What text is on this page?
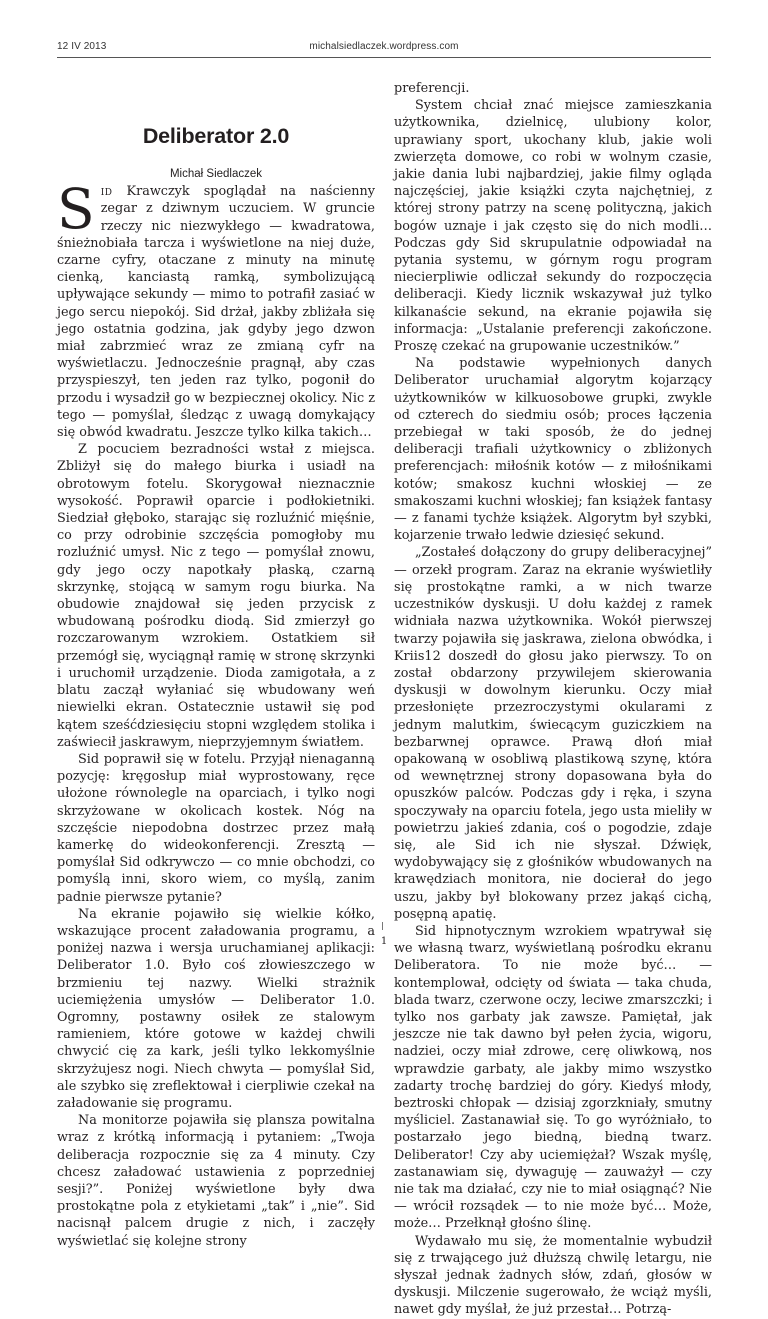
12 IV 2013	michalsiedlaczek.wordpress.com
Deliberator 2.0
Michał Siedlaczek

Sid Krawczyk spoglądał na naścienny zegar z dziwnym uczuciem. W gruncie rzeczy nic niezwykłego — kwadratowa, śnieżnobiała tarcza i wyświetlone na niej duże, czarne cyfry, otaczane z minuty na minutę cienką, kanciastą ramką, symbolizującą upływające sekundy — mimo to potrafił zasiać w jego sercu niepokój. Sid drżał, jakby zbliżała się jego ostatnia godzina, jak gdyby jego dzwon miał zabrzmieć wraz ze zmianą cyfr na wyświetlaczu. Jednocześnie pragnął, aby czas przyspieszył, ten jeden raz tylko, pogonił do przodu i wysadził go w bezpiecznej okolicy. Nic z tego — pomyślał, śledząc z uwagą domykający się obwód kwadratu. Jeszcze tylko kilka takich…

Z pocuciem bezradności wstał z miejsca. Zbliżył się do małego biurka i usiadł na obrotowym fotelu. Skorygował nieznacznie wysokość. Poprawił oparcie i podłokietniki. Siedział głęboko, starając się rozluźnić mięśnie, co przy odrobinie szczęścia pomogłoby mu rozluźnić umysł. Nic z tego — pomyślał znowu, gdy jego oczy napotkały płaską, czarną skrzynkę, stojącą w samym rogu biurka. Na obudowie znajdował się jeden przycisk z wbudowaną pośrodku diodą. Sid zmierzył go rozczarowanym wzrokiem. Ostatkiem sił przemógł się, wyciągnął ramię w stronę skrzynki i uruchomił urządzenie. Dioda zamigotała, a z blatu zaczął wyłaniać się wbudowany weń niewielki ekran. Ostatecznie ustawił się pod kątem sześćdziesięciu stopni względem stolika i zaświecił jaskrawym, nieprzyjemnym światłem.

Sid poprawił się w fotelu. Przyjął nienaganną pozycję: kręgosłup miał wyprostowany, ręce ułożone równolegle na oparciach, i tylko nogi skrzyżowane w okolicach kostek. Nóg na szczęście niepodobna dostrzec przez małą kamerkę do wideokonferencji. Zresztą — pomyślał Sid odkrywczo — co mnie obchodzi, co pomyślą inni, skoro wiem, co myślą, zanim padnie pierwsze pytanie?

Na ekranie pojawiło się wielkie kółko, wskazujące procent załadowania programu, a poniżej nazwa i wersja uruchamianej aplikacji: Deliberator 1.0. Było coś złowieszczego w brzmieniu tej nazwy. Wielki strażnik uciemiężenia umysłów — Deliberator 1.0. Ogromny, postawny osiłek ze stalowym ramieniem, które gotowe w każdej chwili chwycić cię za kark, jeśli tylko lekkomyślnie skrzyżujesz nogi. Niech chwyta — pomyślał Sid, ale szybko się zreflektował i cierpliwie czekał na załadowanie się programu.

Na monitorze pojawiła się plansza powitalna wraz z krótką informacją i pytaniem: „Twoja deliberacja rozpocznie się za 4 minuty. Czy chcesz załadować ustawienia z poprzedniej sesji?”. Poniżej wyświetlone były dwa prostokątne pola z etykietami „tak” i „nie”. Sid nacisnął palcem drugie z nich, i zaczęły wyświetlać się kolejne strony

preferencji.

System chciał znać miejsce zamieszkania użytkownika, dzielnicę, ulubiony kolor, uprawiany sport, ukochany klub, jakie woli zwierzęta domowe, co robi w wolnym czasie, jakie dania lubi najbardziej, jakie filmy ogląda najczęściej, jakie książki czyta najchętniej, z której strony patrzy na scenę polityczną, jakich bogów uznaje i jak często się do nich modli… Podczas gdy Sid skrupulatnie odpowiadał na pytania systemu, w górnym rogu program niecierpliwie odliczał sekundy do rozpoczęcia deliberacji. Kiedy licznik wskazywał już tylko kilkanaście sekund, na ekranie pojawiła się informacja: „Ustalanie preferencji zakończone. Proszę czekać na grupowanie uczestników.”

Na podstawie wypełnionych danych Deliberator uruchamiał algorytm kojarzący użytkowników w kilkuosobowe grupki, zwykle od czterech do siedmiu osób; proces łączenia przebiegał w taki sposób, że do jednej deliberacji trafiali użytkownicy o zbliżonych preferencjach: miłośnik kotów — z miłośnikami kotów; smakosz kuchni włoskiej — ze smakoszami kuchni włoskiej; fan książek fantasy — z fanami tychże książek. Algorytm był szybki, kojarzenie trwało ledwie dziesięć sekund.

„Zostałeś dołączony do grupy deliberacyjnej” — orzekł program. Zaraz na ekranie wyświetliły się prostokątne ramki, a w nich twarze uczestników dyskusji. U dołu każdej z ramek widniała nazwa użytkownika. Wokół pierwszej twarzy pojawiła się jaskrawa, zielona obwódka, i Kriis12 doszedł do głosu jako pierwszy. To on został obdarzony przywilejem skierowania dyskusji w dowolnym kierunku. Oczy miał przesłonięte przezroczystymi okularami z jednym malutkim, świecącym guziczkiem na bezbarwnej oprawce. Prawą dłoń miał opakowaną w osobliwą plastikową szynę, która od wewnętrznej strony dopasowana była do opuszków palców. Podczas gdy i ręka, i szyna spoczywały na oparciu fotela, jego usta mieliły w powietrzu jakieś zdania, coś o pogodzie, zdaje się, ale Sid ich nie słyszał. Dźwięk, wydobywający się z głośników wbudowanych na krawędziach monitora, nie docierał do jego uszu, jakby był blokowany przez jakąś cichą, posępną apatię.

Sid hipnotycznym wzrokiem wpatrywał się we własną twarz, wyświetlaną pośrodku ekranu Deliberatora. To nie może być… — kontemplował, odcięty od świata — taka chuda, blada twarz, czerwone oczy, leciwe zmarszczki; i tylko nos garbaty jak zawsze. Pamiętał, jak jeszcze nie tak dawno był pełen życia, wigoru, nadziei, oczy miał zdrowe, cerę oliwkową, nos wprawdzie garbaty, ale jakby mimo wszystko zadarty trochę bardziej do góry. Kiedyś młody, beztroski chłopak — dzisiaj zgorzkniały, smutny myśliciel. Zastanawiał się. To go wyróżniało, to postarzało jego biedną, biedną twarz. Deliberator! Czy aby uciemiężał? Wszak myślę, zastanawiam się, dywaguję — zauważył — czy nie tak ma działać, czy nie to miał osiągnąć? Nie — wrócił rozsądek — to nie może być… Może, może… Przełknął głośno ślinę.

Wydawało mu się, że momentalnie wybudził się z trwającego już dłuższą chwilę letargu, nie słyszał jednak żadnych słów, zdań, głosów w dyskusji. Milczenie sugerowało, że wciąż myśli, nawet gdy myślał, że już przestał… Potrzą-

1
